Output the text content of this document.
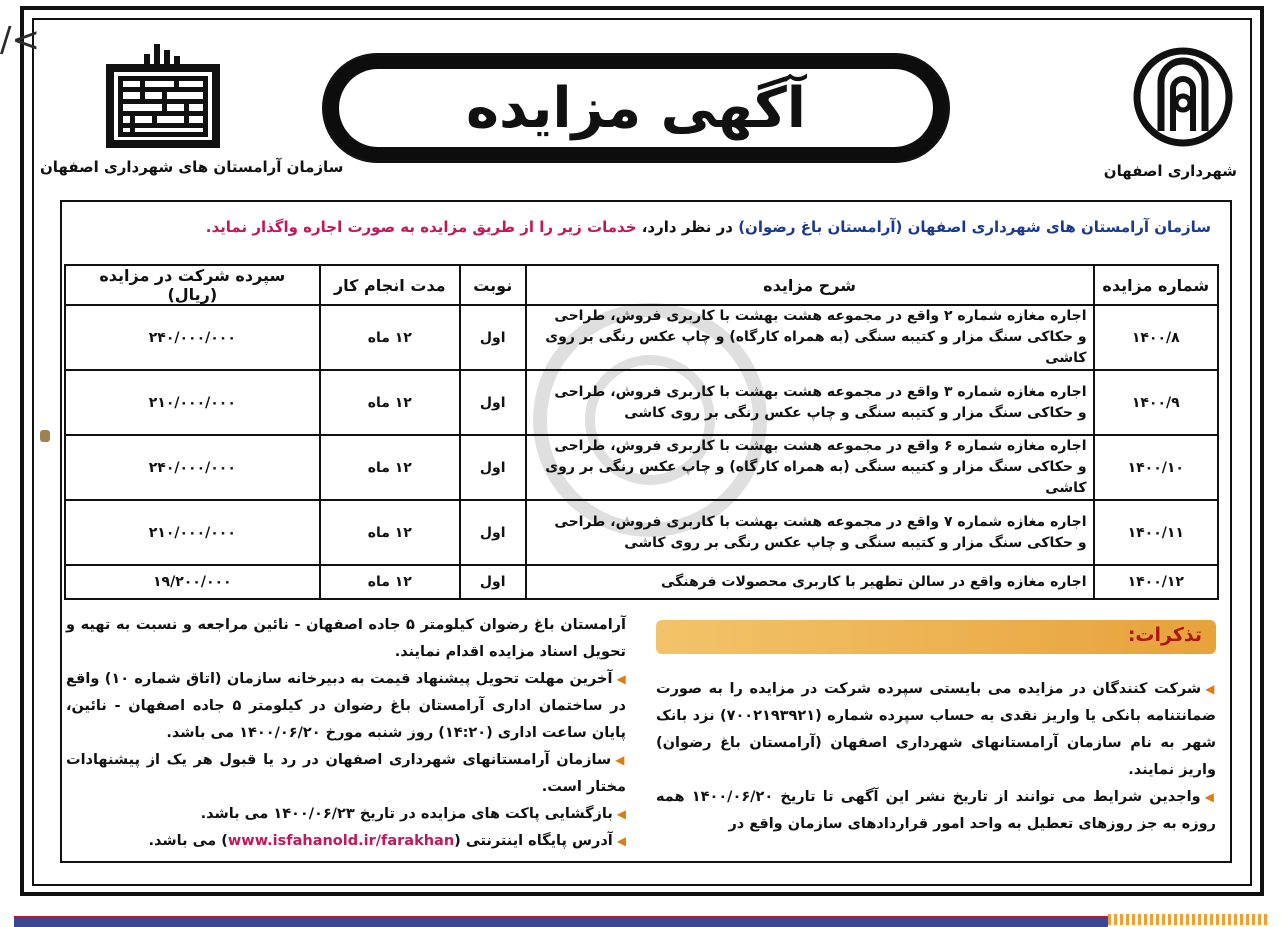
/<
شهرداری اصفهان
سازمان آرامستان های شهرداری اصفهان
آگهی مزایده
سازمان آرامستان های شهرداری اصفهان (آرامستان باغ رضوان) در نظر دارد، خدمات زیر را از طریق مزایده به صورت اجاره واگذار نماید.
شماره مزایده	شرح مزایده	نوبت	مدت انجام کار	سپرده شرکت در مزایده (ریال)
۱۴۰۰/۸	اجاره مغازه شماره ۲ واقع در مجموعه هشت بهشت با کاربری فروش، طراحی
و حکاکی سنگ مزار و کتیبه سنگی (به همراه کارگاه) و چاپ عکس رنگی بر روی کاشی	اول	۱۲ ماه	۲۴۰/۰۰۰/۰۰۰
۱۴۰۰/۹	اجاره مغازه شماره ۳ واقع در مجموعه هشت بهشت با کاربری فروش، طراحی
و حکاکی سنگ مزار و کتیبه سنگی و چاپ عکس رنگی بر روی کاشی	اول	۱۲ ماه	۲۱۰/۰۰۰/۰۰۰
۱۴۰۰/۱۰	اجاره مغازه شماره ۶ واقع در مجموعه هشت بهشت با کاربری فروش، طراحی
و حکاکی سنگ مزار و کتیبه سنگی (به همراه کارگاه) و چاپ عکس رنگی بر روی کاشی	اول	۱۲ ماه	۲۴۰/۰۰۰/۰۰۰
۱۴۰۰/۱۱	اجاره مغازه شماره ۷ واقع در مجموعه هشت بهشت با کاربری فروش، طراحی
و حکاکی سنگ مزار و کتیبه سنگی و چاپ عکس رنگی بر روی کاشی	اول	۱۲ ماه	۲۱۰/۰۰۰/۰۰۰
۱۴۰۰/۱۲	اجاره مغازه واقع در سالن تطهیر با کاربری محصولات فرهنگی	اول	۱۲ ماه	۱۹/۲۰۰/۰۰۰
تذکرات:

◀شرکت کنندگان در مزایده می بایستی سپرده شرکت در مزایده را به صورت ضمانتنامه بانکی یا واریز نقدی به حساب سپرده شماره (۷۰۰۲۱۹۳۹۲۱) نزد بانک شهر به نام سازمان آرامستانهای شهرداری اصفهان (آرامستان باغ رضوان) واریز نمایند.

◀واجدین شرایط می توانند از تاریخ نشر این آگهی تا تاریخ ۱۴۰۰/۰۶/۲۰ همه روزه به جز روزهای تعطیل به واحد امور قراردادهای سازمان واقع در

آرامستان باغ رضوان کیلومتر ۵ جاده اصفهان - نائین مراجعه و نسبت به تهیه و تحویل اسناد مزایده اقدام نمایند.

◀آخرین مهلت تحویل پیشنهاد قیمت به دبیرخانه سازمان (اتاق شماره ۱۰) واقع در ساختمان اداری آرامستان باغ رضوان در کیلومتر ۵ جاده اصفهان - نائین، پایان ساعت اداری (۱۴:۲۰) روز شنبه مورخ ۱۴۰۰/۰۶/۲۰ می باشد.

◀سازمان آرامستانهای شهرداری اصفهان در رد یا قبول هر یک از پیشنهادات مختار است.

◀بازگشایی پاکت های مزایده در تاریخ ۱۴۰۰/۰۶/۲۳ می باشد.

◀آدرس پایگاه اینترنتی (www.isfahanold.ir/farakhan) می باشد.
